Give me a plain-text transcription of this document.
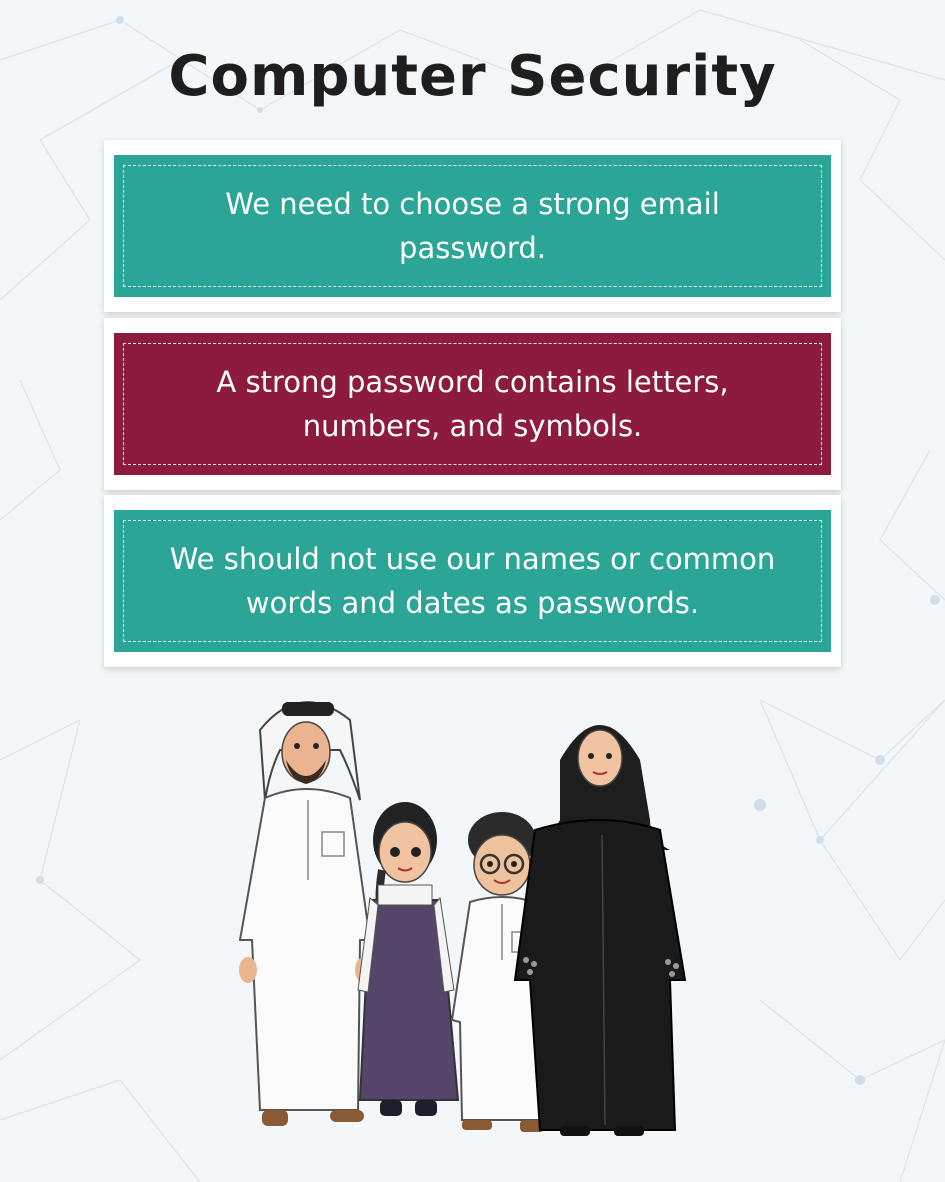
Computer Security
We need to choose a strong email password.
A strong password contains letters, numbers, and symbols.
We should not use our names or common words and dates as passwords.
